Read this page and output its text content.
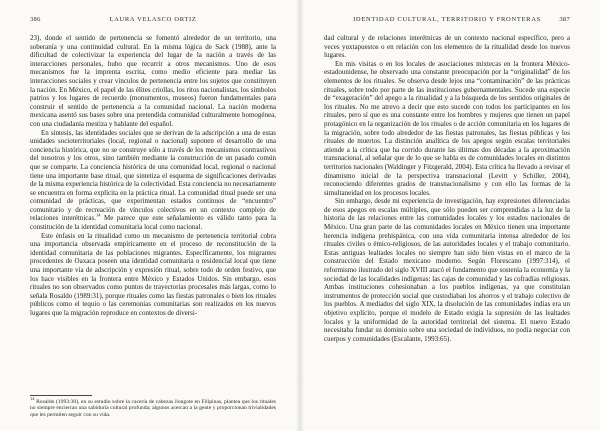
386	LAURA VELASCO ORTIZ

23), donde el sentido de pertenencia se fomentó alrededor de un territorio, una soberanía y una continuidad cultural. En la misma lógica de Sack (1988), ante la dificultad de colectivizar la experiencia del lugar de la nación a través de las interacciones personales, hubo que recurrir a otros mecanismos. Uno de esos mecanismos fue la imprenta escrita, como medio eficiente para mediar las interacciones sociales y crear vínculos de pertenencia entre los sujetos que constituyen la nación. En México, el papel de las élites criollas, los ritos nacionalistas, los símbolos patrios y los lugares de recuerdo (monumentos, museos) fueron fundamentales para construir el sentido de pertenencia a la comunidad nacional. La nación moderna mexicana asentó sus bases sobre una pretendida comunidad culturalmente homogénea, con una ciudadanía mestiza y hablante del español.

En síntesis, las identidades sociales que se derivan de la adscripción a una de estas unidades socioterritoriales (local, regional o nacional) suponen el desarrollo de una conciencia histórica, que no se construye sólo a través de los mecanismos contrastivos del nosotros y los otros, sino también mediante la construcción de un pasado común que se comparte. La conciencia histórica de una comunidad local, regional o nacional tiene una importante base ritual, que sintetiza el esquema de significaciones derivadas de la misma experiencia histórica de la colectividad. Esta conciencia no necesariamente se encuentra en forma explícita en la práctica ritual. La comunidad ritual puede ser una comunidad de prácticas, que experimentan estados continuos de “encuentro” comunitario y de recreación de vínculos colectivos en un contexto complejo de relaciones interétnicas.$^{14}$ Me parece que este señalamiento es válido tanto para la constitución de la identidad comunitaria local como nacional.

Este énfasis en la ritualidad como un mecanismo de pertenencia territorial cobra una importancia observada empíricamente en el proceso de reconstitución de la identidad comunitaria de las poblaciones migrantes. Específicamente, los migrantes procedentes de Oaxaca poseen una identidad comunitaria o residencial local que tiene una importante vía de adscripción y expresión ritual, sobre todo de orden festivo, que los hace visibles en la frontera entre México y Estados Unidos. Sin embargo, esos rituales no son observados como puntos de trayectorias procesales más largas, como lo señala Rosaldo (1989:31), porque rituales como las fiestas patronales o bien los rituales públicos como el tequio o las ceremonias comunitarias son realizados en los nuevos lugares que la migración reproduce en contextos de diversi-

$^{14}$ Rosaldo (1993:30), en su estudio sobre la cacería de cabezas ilongote en Filipinas, plantea que los rituales no siempre encierran una sabiduría cultural profunda; algunos acercan a la gente y proporcionan trivialidades que les permiten seguir con su vida.

IDENTIDAD CULTURAL, TERRITORIO Y FRONTERAS	387

dad cultural y de relaciones interétnicas de un contexto nacional específico, pero a veces yuxtapuestos o en relación con los elementos de la ritualidad desde los nuevos lugares.

En mis visitas o en los locales de asociaciones mixtecas en la frontera México-estadounidense, he observado una constante preocupación por la “originalidad” de los elementos de los rituales. Se observa desde lejos una “contaminación” de las prácticas rituales, sobre todo por parte de las instituciones gubernamentales. Sucede una especie de “exageración” del apego a la ritualidad y a la búsqueda de los sentidos originales de los rituales. No me atrevo a decir que esto sucede con todos los participantes en los rituales, pero sí que es una constante entre los hombres y mujeres que tienen un papel protagónico en la organización de los rituales o de acción comunitaria en los lugares de la migración, sobre todo alrededor de las fiestas patronales, las fiestas públicas y los rituales de muertos. La distinción analítica de los apegos según escalas territoriales atiende a la crítica que ha corrido durante las últimas dos décadas a la aproximación transnacional, al señalar que de lo que se habla es de comunidades locales en distintos territorios nacionales (Waldinger y Fitzgerald, 2004). Esta crítica ha llevado a revisar el dinamismo inicial de la perspectiva transnacional (Levitt y Schiller, 2004), reconociendo diferentes grados de transnacionalismo y con ello las formas de la simultaneidad en los procesos locales.

Sin embargo, desde mi experiencia de investigación, hay expresiones diferenciadas de esos apegos en escalas múltiples, que sólo pueden ser comprendidas a la luz de la historia de las relaciones entre las comunidades locales y los estados nacionales de México. Una gran parte de las comunidades locales en México tienen una importante herencia indígena prehispánica, con una vida comunitaria intensa alrededor de los rituales civiles o étnico-religiosos, de las autoridades locales y el trabajo comunitario. Estas antiguas lealtades locales no siempre han sido bien vistas en el marco de la construcción del Estado mexicano moderno. Según Florescano (1997:314), el reformismo ilustrado del siglo XVIII atacó el fundamento que sostenía la economía y la sociedad de las localidades indígenas: las cajas de comunidad y las cofradías religiosas. Ambas instituciones cohesionaban a los pueblos indígenas, ya que constituían instrumentos de protección social que custodiaban los ahorros y el trabajo colectivo de los pueblos. A mediados del siglo XIX, la disolución de las comunidades indias era un objetivo explícito, porque el modelo de Estado exigía la supresión de las lealtades locales y la uniformidad de la autoridad territorial del sistema. El nuevo Estado necesitaba fundar su dominio sobre una sociedad de individuos, no podía negociar con cuerpos y comunidades (Escalante, 1993:65).
